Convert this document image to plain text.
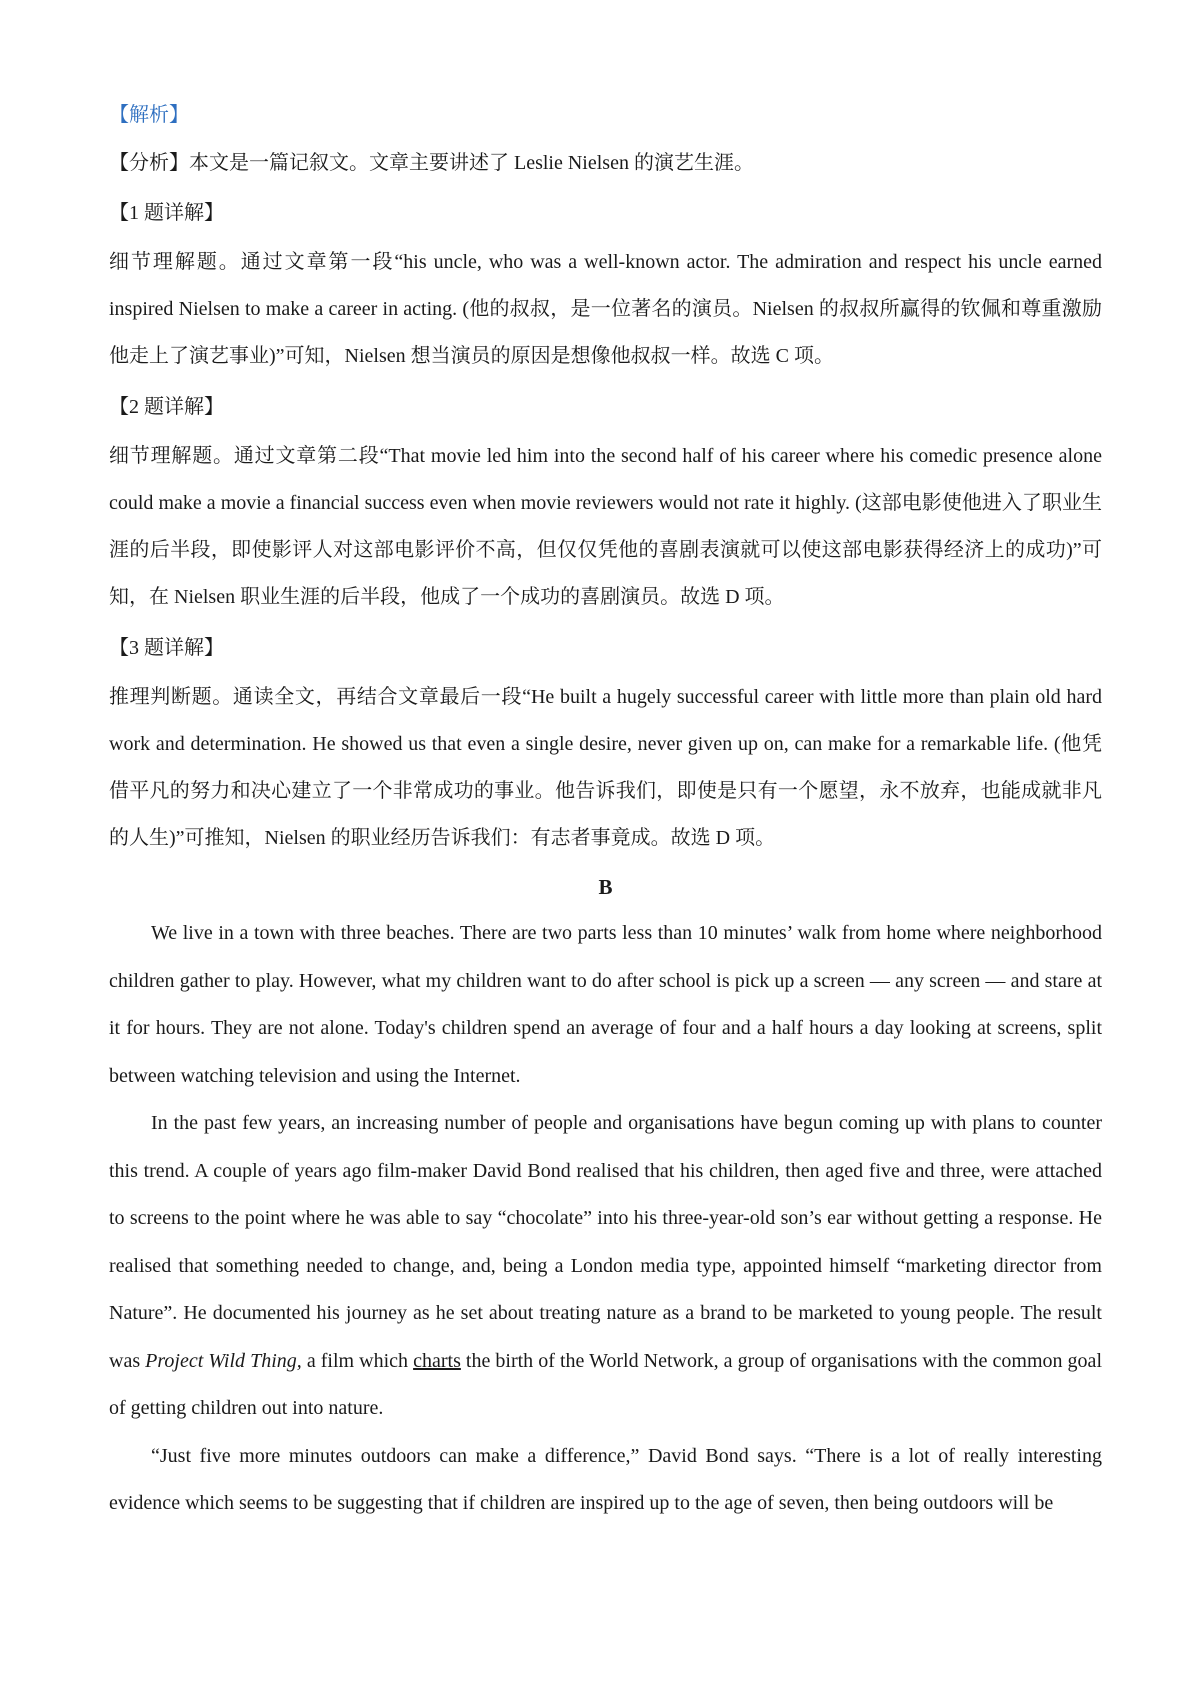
【解析】
【分析】本文是一篇记叙文。文章主要讲述了 Leslie Nielsen 的演艺生涯。
【1 题详解】
细节理解题。通过文章第一段“his uncle, who was a well-known actor. The admiration and respect his uncle earned inspired Nielsen to make a career in acting. (他的叔叔，是一位著名的演员。Nielsen 的叔叔所赢得的钦佩和尊重激励他走上了演艺事业)”可知，Nielsen 想当演员的原因是想像他叔叔一样。故选 C 项。
【2 题详解】
细节理解题。通过文章第二段“That movie led him into the second half of his career where his comedic presence alone could make a movie a financial success even when movie reviewers would not rate it highly. (这部电影使他进入了职业生涯的后半段，即使影评人对这部电影评价不高，但仅仅凭他的喜剧表演就可以使这部电影获得经济上的成功)”可知，在 Nielsen 职业生涯的后半段，他成了一个成功的喜剧演员。故选 D 项。
【3 题详解】
推理判断题。通读全文，再结合文章最后一段“He built a hugely successful career with little more than plain old hard work and determination. He showed us that even a single desire, never given up on, can make for a remarkable life. (他凭借平凡的努力和决心建立了一个非常成功的事业。他告诉我们，即使是只有一个愿望，永不放弃，也能成就非凡的人生)”可推知，Nielsen 的职业经历告诉我们：有志者事竟成。故选 D 项。
B
We live in a town with three beaches. There are two parts less than 10 minutes’ walk from home where neighborhood children gather to play. However, what my children want to do after school is pick up a screen — any screen — and stare at it for hours. They are not alone. Today's children spend an average of four and a half hours a day looking at screens, split between watching television and using the Internet.
In the past few years, an increasing number of people and organisations have begun coming up with plans to counter this trend. A couple of years ago film-maker David Bond realised that his children, then aged five and three, were attached to screens to the point where he was able to say “chocolate” into his three-year-old son’s ear without getting a response. He realised that something needed to change, and, being a London media type, appointed himself “marketing director from Nature”. He documented his journey as he set about treating nature as a brand to be marketed to young people. The result was Project Wild Thing, a film which charts the birth of the World Network, a group of organisations with the common goal of getting children out into nature.
“Just five more minutes outdoors can make a difference,” David Bond says. “There is a lot of really interesting evidence which seems to be suggesting that if children are inspired up to the age of seven, then being outdoors will be
